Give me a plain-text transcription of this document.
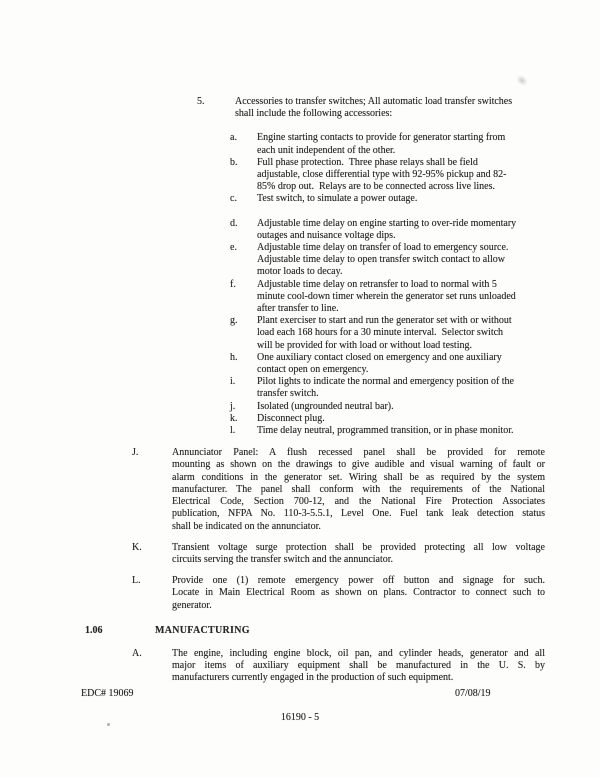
5.	Accessories to transfer switches; All automatic load transfer switches
shall include the following accessories:
a. Engine starting contacts to provide for generator starting from
each unit independent of the other.
b. Full phase protection.  Three phase relays shall be field
adjustable, close differential type with 92-95% pickup and 82-
85% drop out.  Relays are to be connected across live lines.
c. Test switch, to simulate a power outage.
d. Adjustable time delay on engine starting to over-ride momentary
outages and nuisance voltage dips.
e. Adjustable time delay on transfer of load to emergency source.
Adjustable time delay to open transfer switch contact to allow
motor loads to decay.
f. Adjustable time delay on retransfer to load to normal with 5
minute cool-down timer wherein the generator set runs unloaded
after transfer to line.
g. Plant exerciser to start and run the generator set with or without
load each 168 hours for a 30 minute interval.  Selector switch
will be provided for with load or without load testing.
h. One auxiliary contact closed on emergency and one auxiliary
contact open on emergency.
i. Pilot lights to indicate the normal and emergency position of the
transfer switch.
j. Isolated (ungrounded neutral bar).
k. Disconnect plug.
l. Time delay neutral, programmed transition, or in phase monitor.
J.	Annunciator Panel: A flush recessed panel shall be provided for remote
mounting as shown on the drawings to give audible and visual warning of fault or
alarm conditions in the generator set. Wiring shall be as required by the system
manufacturer. The panel shall conform with the requirements of the National
Electrical Code, Section 700-12, and the National Fire Protection Associates
publication, NFPA No. 110-3-5.5.1, Level One. Fuel tank leak detection status
shall be indicated on the annunciator.
K.	Transient voltage surge protection shall be provided protecting all low voltage
circuits serving the transfer switch and the annunciator.
L.	Provide one (1) remote emergency power off button and signage for such.
Locate in Main Electrical Room as shown on plans. Contractor to connect such to
generator.
1.06	MANUFACTURING
A.	The engine, including engine block, oil pan, and cylinder heads, generator and all
major items of auxiliary equipment shall be manufactured in the U. S. by
manufacturers currently engaged in the production of such equipment.
EDC# 19069	07/08/19
16190 - 5
